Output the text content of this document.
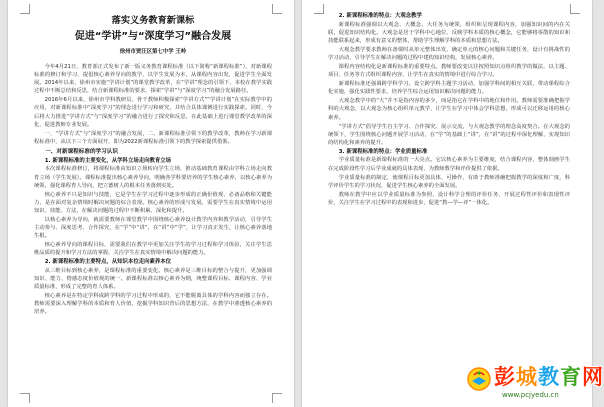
落实义务教育新课标
促进“学讲”与“深度学习”融合发展
徐州市贾汪区第七中学 王岭

今年4月21日，教育部正式发布了新一版义务教育课程标准（以下简称“新课程标准”），对新课程标准的修订和学习，提倡核心素养导向的教学，以学生发展为本，从课程内容出发，促进学生全面发展。2014年以来，徐州市实施“学讲计划”的课堂教学改革，在“学讲”理念的引领下，本校在教学实践过程中不断总结和反思，结合新课程标准的要求，探索“学讲”与“深度学习”的融合发展路径。

2016年6月以来，徐州市学科教研员、骨干教师积极探索“学讲方式”“学讲计划”在实际教学中的应用，对新课程标准中“深度学习”的理念进行学习和研究，并结合具体课例进行实践探索。同时，今后将大力推进“学讲方式”与“深度学习”的融合进行了探究和反思，在此基础上进行课堂教学改革的深化，促进教师专业发展。

一、“学讲方式”与“深度学习”的融合发展，二、新课程标准引领下的教学改革，教师在学习新课程标准中，从以下三个方面展开，即为2022新课程标准引领下的教学探索提供借鉴。

一、对新课程标准的学习认识
1. 新课程标准的主要变化，从学科立场走向教育立场

本次课程标准修订，将课程标准由知识立场转向学生立场，推动基础教育课程由学科立场走向教育立场（学生发展）。课程标准提出核心素养导向，明确各学科要培养的学生核心素养，以核心素养为统领，强化课程育人导向，把立德树人的根本任务落到实处。

核心素养不只是知识与技能，它是学生在学习过程中逐步形成的正确价值观、必备品格和关键能力，是在面对复杂情境时解决问题的综合表现。核心素养的形成与发展，需要学生在真实情境中运用知识、技能、方法，在解决问题的过程中不断积累、深化和提升。

以核心素养为导向，就需要教师在课堂教学中围绕核心素养设计教学内容和教学活动，引导学生主动参与、深度思考、合作探究，在“学”中“讲”，在“讲”中“学”，让学习真正发生，让核心素养落地生根。

核心素养导向的课程目标，需要我们在教学中更加关注学生的学习过程和学习体验，关注学生思维品质的提升和学习方法的掌握，关注学生在真实情境中解决问题的能力。

2. 新课程标准的主要特点，从知识本位走向素养本位

从三维目标到核心素养，是课程标准的重要变化。核心素养是三维目标的整合与提升，更加强调知识、能力、情感态度价值观的统一。新课程标准以核心素养为纲，统整课程目标、课程内容、学业质量标准，形成了完整的育人体系。

核心素养是在特定学科或跨学科的学习过程中形成的，它不能脱离具体的学科内容而独立存在。教师需要深入理解学科的本质和育人价值，挖掘学科知识背后的思想方法，在教学中渗透核心素养的培养。

2. 新课程标准的特点：大观念教学

新课程标准强调以大观念、大概念、大任务为统领，组织和呈现课程内容，加强知识间的内在关联，促进知识结构化。大观念是居于学科中心地位、反映学科本质的核心概念，它能够将零散的知识和技能联系起来，形成有意义的整体，帮助学生理解学科的本质和思想方法。

大观念教学要求教师在备课时从单元整体出发，确定单元的核心问题和关键任务，设计有挑战性的学习活动，引导学生在解决问题的过程中建构知识结构，发展核心素养。

课程内容结构化是新课程标准的重要特点。教师要改变以往按照知识点组织教学的做法，以主题、项目、任务等方式组织课程内容，让学生在真实的情境中进行综合学习。

新课程标准还强调跨学科学习，设立跨学科主题学习活动，加强学科间的相互关联，带动课程综合化实施，强化实践性要求，培养学生综合运用知识解决问题的能力。

大观念教学中的“大”并不是指内容的多少，而是指它在学科中的地位和作用。教师需要准确把握学科的大观念，以大观念为核心组织单元教学，让学生在学习中体会学科思想，形成可以迁移运用的核心素养。

“学讲方式”倡导学生自主学习、合作探究、展示交流，与大观念教学的理念高度契合。在大观念的统领下，学生围绕核心问题开展学习活动，在“学”的基础上“讲”，在“讲”的过程中深化理解，实现知识的结构化和素养的提升。

3. 新课程标准的特点：学业质量标准

学业质量标准是新课程标准的一大亮点。它以核心素养为主要维度，结合课程内容，整体刻画学生在完成阶段性学习后学业成就的具体表现，为教师教学和评价提供了依据。

学业质量标准的制定，使课程目标更加具体、可操作，有助于教师准确把握教学的深度和广度，科学评价学生的学习状况，促进学生核心素养的全面发展。

教师在教学中应以学业质量标准为参照，设计科学合理的评价任务，开展过程性评价和表现性评价，关注学生在学习过程中的表现和进步，促进“教—学—评”一体化。

彭城教育网
www.pcjyedu.cn
